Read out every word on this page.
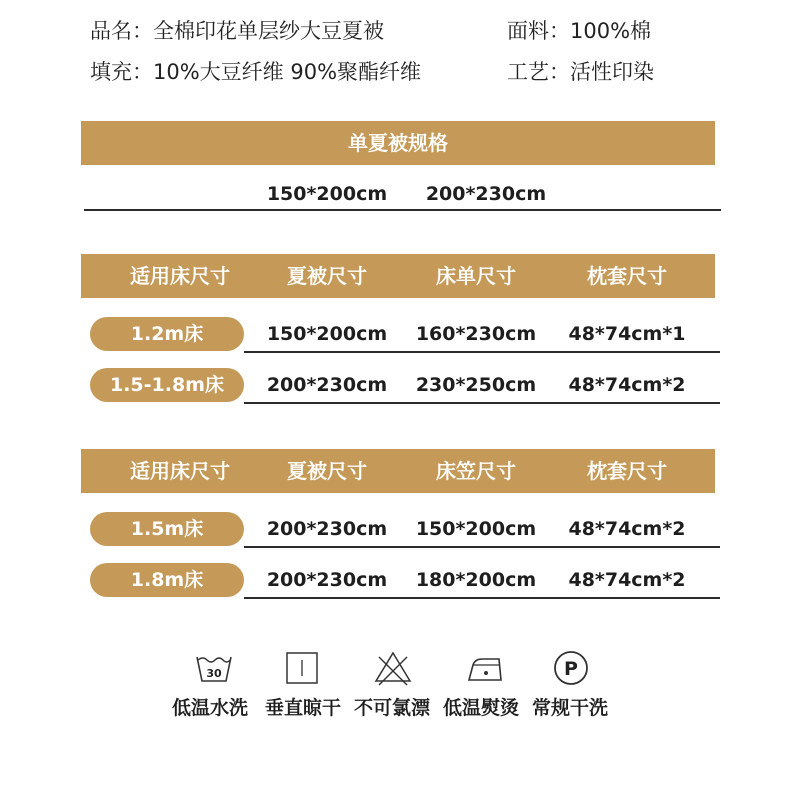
品名：全棉印花单层纱大豆夏被	面料：100%棉
填充：10%大豆纤维 90%聚酯纤维	工艺：活性印染
单夏被规格
150*200cm 200*230cm
适用床尺寸	夏被尺寸	床单尺寸	枕套尺寸
1.2m床	150*200cm 160*230cm 48*74cm*1
1.5-1.8m床	200*230cm 230*250cm 48*74cm*2
适用床尺寸	夏被尺寸	床笠尺寸	枕套尺寸
1.5m床	200*230cm 150*200cm 48*74cm*2
1.8m床	200*230cm 180*200cm 48*74cm*2
30	P
低温水洗 垂直晾干 不可氯漂 低温熨烫 常规干洗
